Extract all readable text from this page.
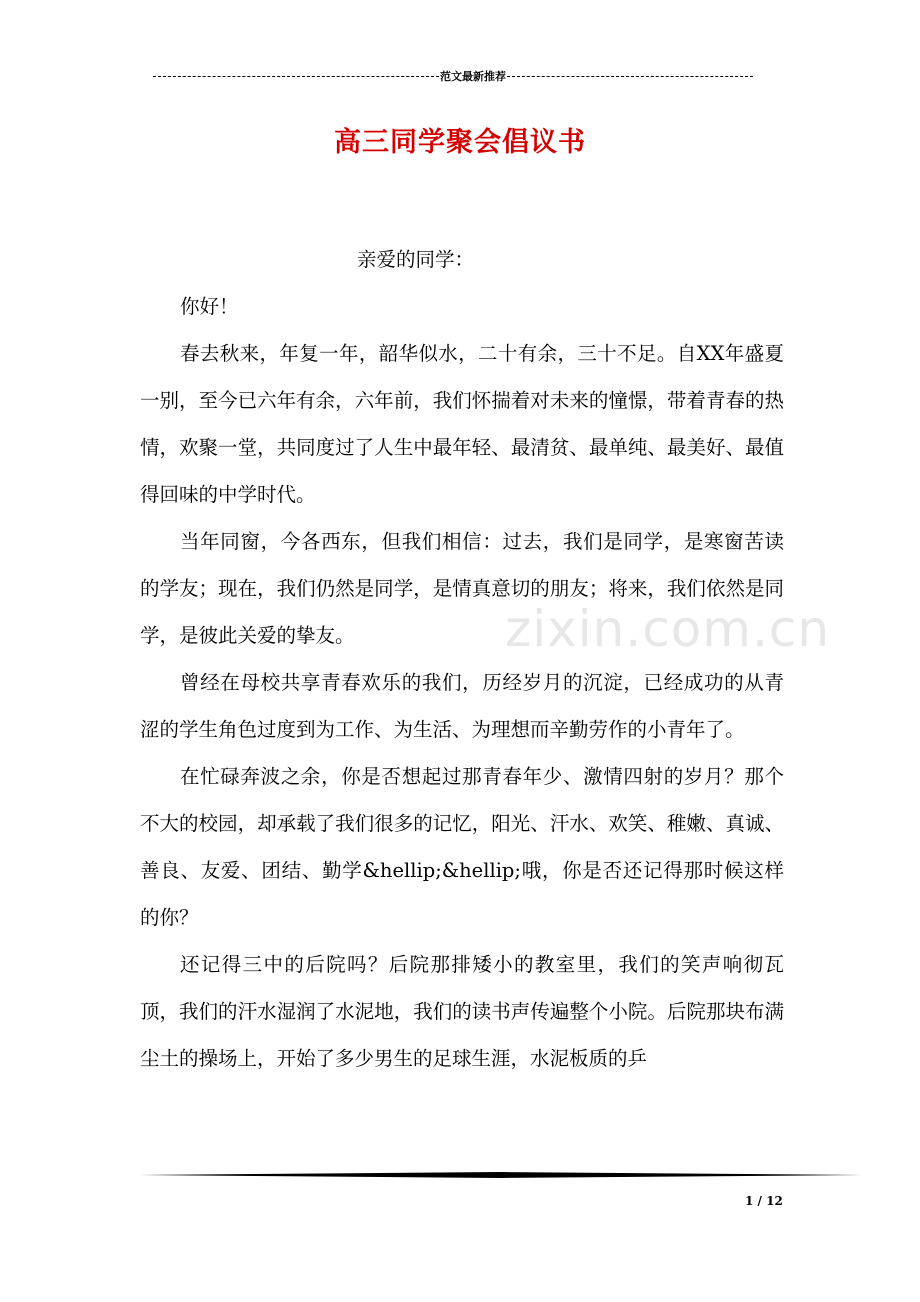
范文最新推荐
高三同学聚会倡议书
亲爱的同学：
你好！

春去秋来，年复一年，韶华似水，二十有余，三十不足。自XX年盛夏一别，至今已六年有余，六年前，我们怀揣着对未来的憧憬，带着青春的热情，欢聚一堂，共同度过了人生中最年轻、最清贫、最单纯、最美好、最值得回味的中学时代。

当年同窗，今各西东，但我们相信：过去，我们是同学，是寒窗苦读的学友；现在，我们仍然是同学，是情真意切的朋友；将来，我们依然是同学，是彼此关爱的挚友。

曾经在母校共享青春欢乐的我们，历经岁月的沉淀，已经成功的从青涩的学生角色过度到为工作、为生活、为理想而辛勤劳作的小青年了。

在忙碌奔波之余，你是否想起过那青春年少、激情四射的岁月？那个不大的校园，却承载了我们很多的记忆，阳光、汗水、欢笑、稚嫩、真诚、善良、友爱、团结、勤学&hellip;&hellip;哦，你是否还记得那时候这样的你？

还记得三中的后院吗？后院那排矮小的教室里，我们的笑声响彻瓦顶，我们的汗水湿润了水泥地，我们的读书声传遍整个小院。后院那块布满尘土的操场上，开始了多少男生的足球生涯，水泥板质的乒

zixin.com.cn
1 / 12
